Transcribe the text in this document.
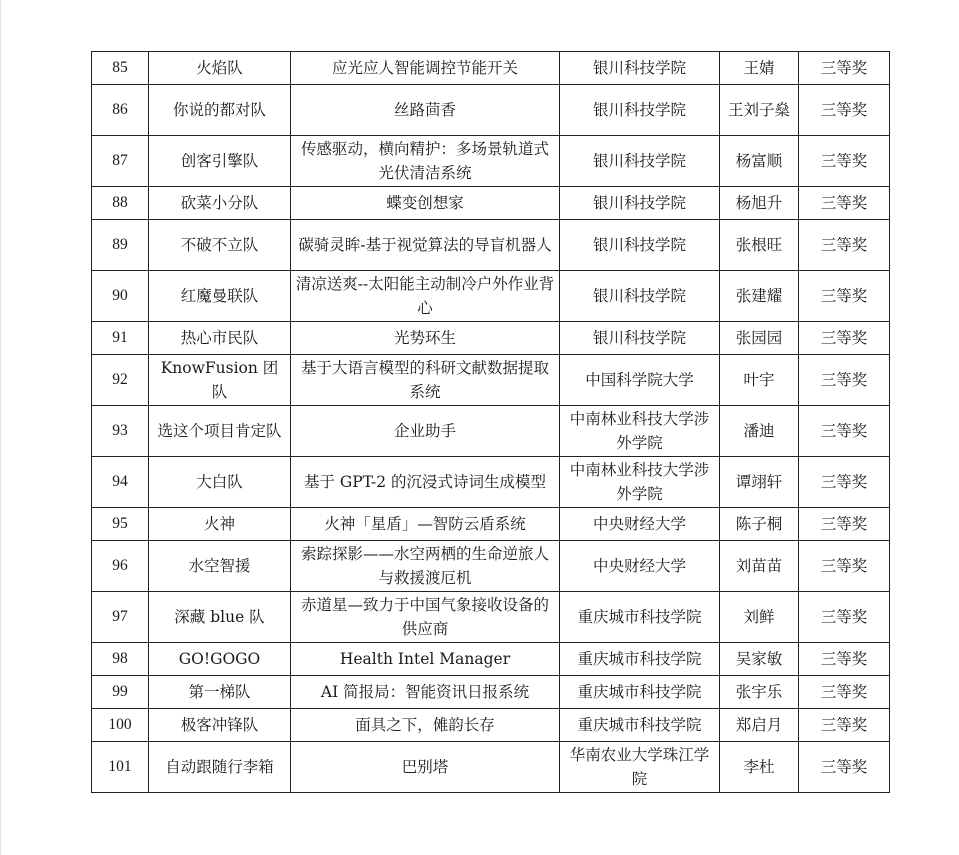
85	火焰队	应光应人智能调控节能开关	银川科技学院	王婧	三等奖
86	你说的都对队	丝路茴香	银川科技学院	王刘子燊	三等奖
87	创客引擎队	传感驱动，横向精护：多场景轨道式光伏清洁系统	银川科技学院	杨富顺	三等奖
88	砍菜小分队	蝶变创想家	银川科技学院	杨旭升	三等奖
89	不破不立队	碳骑灵眸-基于视觉算法的导盲机器人	银川科技学院	张根旺	三等奖
90	红魔曼联队	清凉送爽--太阳能主动制冷户外作业背心	银川科技学院	张建耀	三等奖
91	热心市民队	光势环生	银川科技学院	张园园	三等奖
92	KnowFusion 团队	基于大语言模型的科研文献数据提取系统	中国科学院大学	叶宇	三等奖
93	选这个项目肯定队	企业助手	中南林业科技大学涉外学院	潘迪	三等奖
94	大白队	基于 GPT-2 的沉浸式诗词生成模型	中南林业科技大学涉外学院	谭翊轩	三等奖
95	火神	火神「星盾」—智防云盾系统	中央财经大学	陈子桐	三等奖
96	水空智援	索踪探影——水空两栖的生命逆旅人与救援渡厄机	中央财经大学	刘苗苗	三等奖
97	深藏 blue 队	赤道星—致力于中国气象接收设备的供应商	重庆城市科技学院	刘鲜	三等奖
98	GO!GOGO	Health Intel Manager	重庆城市科技学院	吴家敏	三等奖
99	第一梯队	AI 简报局：智能资讯日报系统	重庆城市科技学院	张宇乐	三等奖
100	极客冲锋队	面具之下，傩韵长存	重庆城市科技学院	郑启月	三等奖
101	自动跟随行李箱	巴别塔	华南农业大学珠江学院	李杜	三等奖
